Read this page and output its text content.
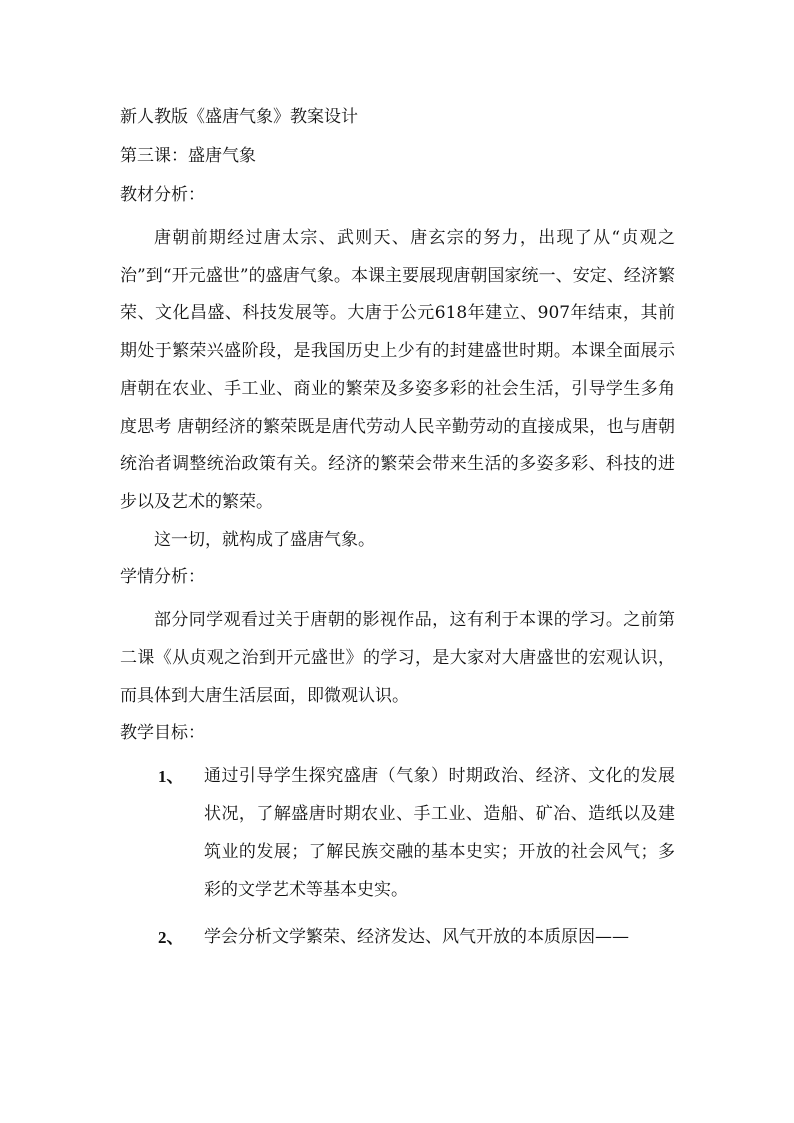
新人教版《盛唐气象》教案设计
第三课：盛唐气象
教材分析：
唐朝前期经过唐太宗、武则天、唐玄宗的努力，出现了从“贞观之治”到“开元盛世”的盛唐气象。本课主要展现唐朝国家统一、安定、经济繁荣、文化昌盛、科技发展等。大唐于公元618年建立、907年结束，其前期处于繁荣兴盛阶段，是我国历史上少有的封建盛世时期。本课全面展示唐朝在农业、手工业、商业的繁荣及多姿多彩的社会生活，引导学生多角度思考 唐朝经济的繁荣既是唐代劳动人民辛勤劳动的直接成果，也与唐朝统治者调整统治政策有关。经济的繁荣会带来生活的多姿多彩、科技的进步以及艺术的繁荣。
这一切，就构成了盛唐气象。
学情分析：
部分同学观看过关于唐朝的影视作品，这有利于本课的学习。之前第二课《从贞观之治到开元盛世》的学习，是大家对大唐盛世的宏观认识，而具体到大唐生活层面，即微观认识。
教学目标：
1、	通过引导学生探究盛唐（气象）时期政治、经济、文化的发展状况，了解盛唐时期农业、手工业、造船、矿冶、造纸以及建筑业的发展；了解民族交融的基本史实；开放的社会风气；多彩的文学艺术等基本史实。
2、	学会分析文学繁荣、经济发达、风气开放的本质原因——
